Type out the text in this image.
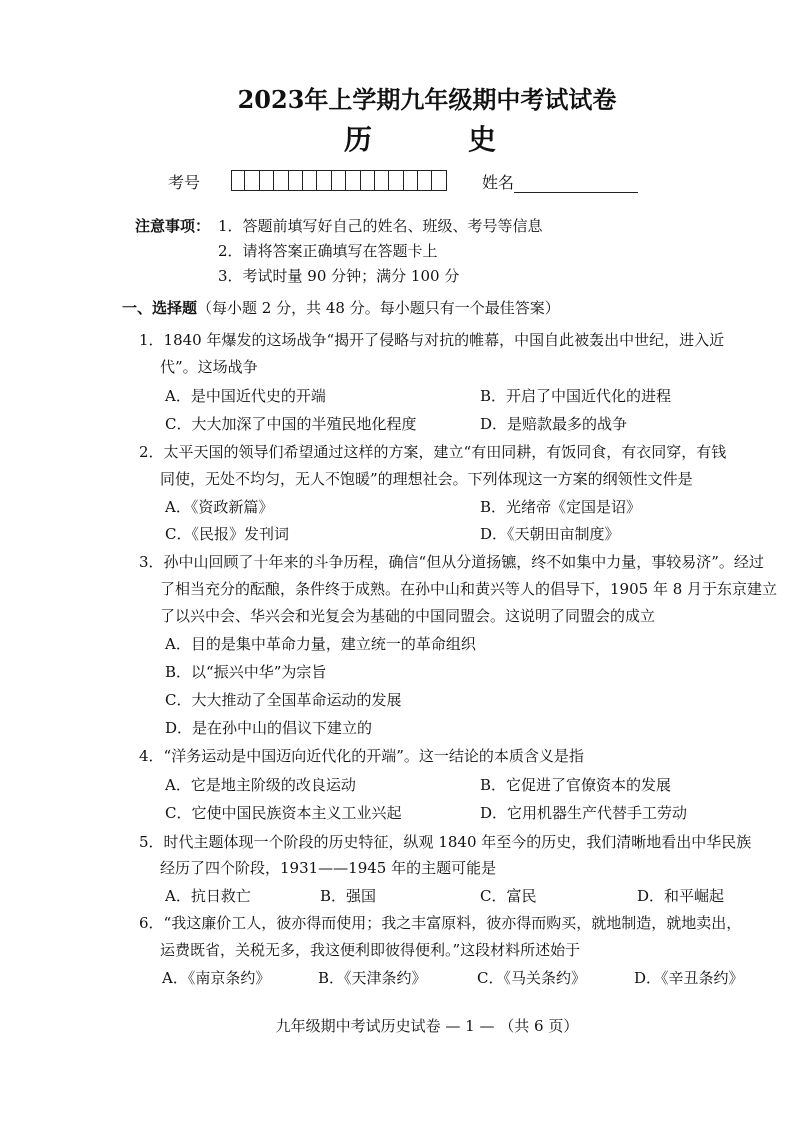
2023年上学期九年级期中考试试卷
历　史
考号	姓名
注意事项： 1．答题前填写好自己的姓名、班级、考号等信息
2．请将答案正确填写在答题卡上
3．考试时量 90 分钟；满分 100 分
一、选择题（每小题 2 分，共 48 分。每小题只有一个最佳答案）
1．1840 年爆发的这场战争“揭开了侵略与对抗的帷幕，中国自此被轰出中世纪，进入近
代”。这场战争
A．是中国近代史的开端	B．开启了中国近代化的进程
C．大大加深了中国的半殖民地化程度	D．是赔款最多的战争
2．太平天国的领导们希望通过这样的方案，建立“有田同耕，有饭同食，有衣同穿，有钱
同使，无处不均匀，无人不饱暖”的理想社会。下列体现这一方案的纲领性文件是
A．《资政新篇》	B．光绪帝《定国是诏》
C．《民报》发刊词	D．《天朝田亩制度》
3．孙中山回顾了十年来的斗争历程，确信“但从分道扬镳，终不如集中力量，事较易济”。经过
了相当充分的酝酿，条件终于成熟。在孙中山和黄兴等人的倡导下，1905 年 8 月于东京建立
了以兴中会、华兴会和光复会为基础的中国同盟会。这说明了同盟会的成立
A．目的是集中革命力量，建立统一的革命组织
B．以“振兴中华”为宗旨
C．大大推动了全国革命运动的发展
D．是在孙中山的倡议下建立的
4．“洋务运动是中国迈向近代化的开端”。这一结论的本质含义是指
A．它是地主阶级的改良运动	B．它促进了官僚资本的发展
C．它使中国民族资本主义工业兴起	D．它用机器生产代替手工劳动
5．时代主题体现一个阶段的历史特征，纵观 1840 年至今的历史，我们清晰地看出中华民族
经历了四个阶段，1931——1945 年的主题可能是
A．抗日救亡	B．强国	C．富民	D．和平崛起
6．“我这廉价工人，彼亦得而使用；我之丰富原料，彼亦得而购买，就地制造，就地卖出，
运费既省，关税无多，我这便利即彼得便利。”这段材料所述始于
A．《南京条约》	B．《天津条约》	C．《马关条约》	D．《辛丑条约》
九年级期中考试历史试卷 — 1 — （共 6 页）
